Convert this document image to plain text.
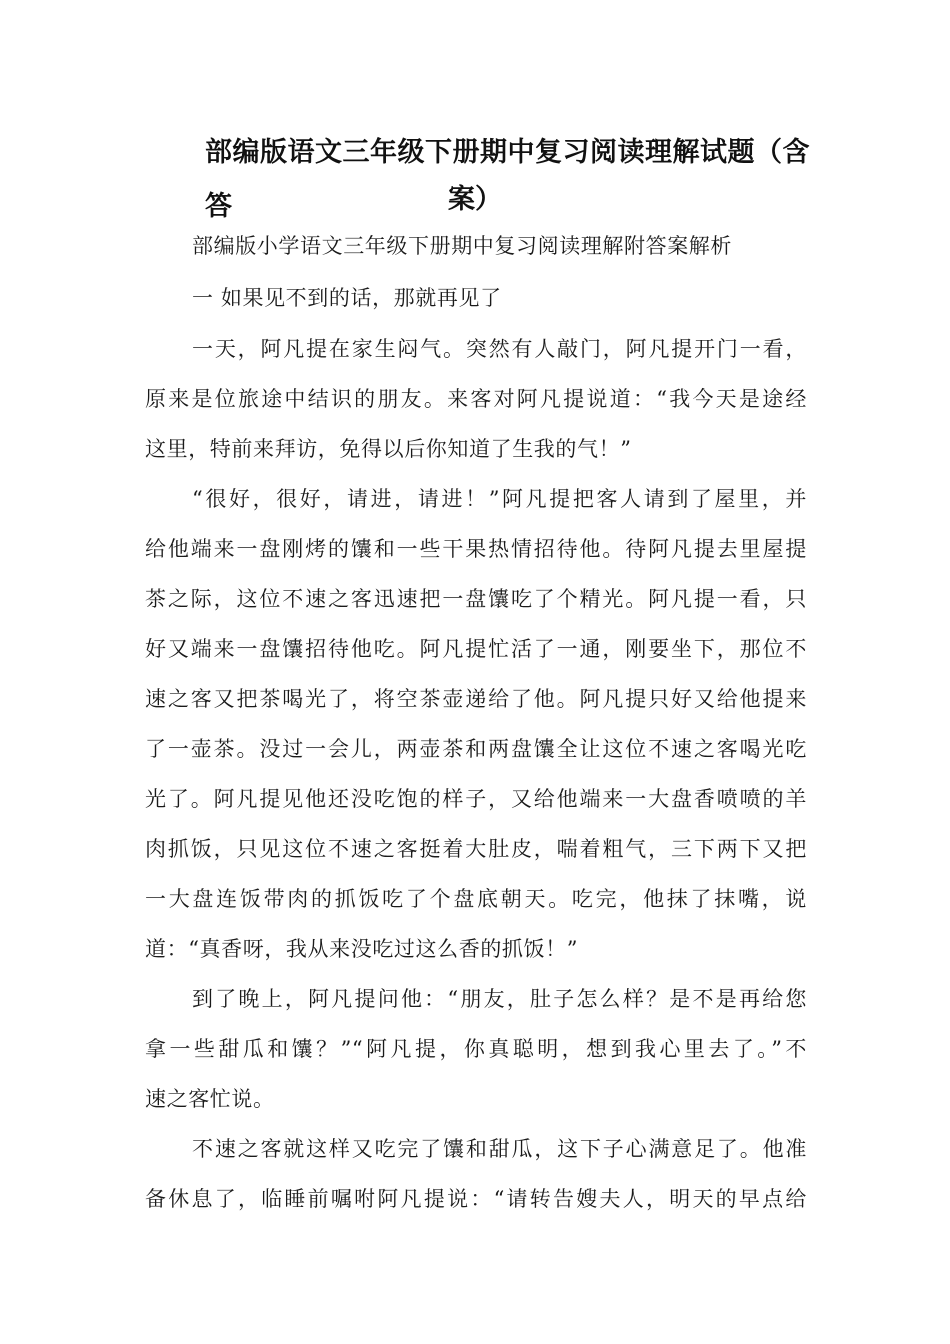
部编版语文三年级下册期中复习阅读理解试题（含答	案）
部编版小学语文三年级下册期中复习阅读理解附答案解析
一 如果见不到的话，那就再见了
一天，阿凡提在家生闷气。突然有人敲门，阿凡提开门一看，
原来是位旅途中结识的朋友。来客对阿凡提说道：“我今天是途经
这里，特前来拜访，免得以后你知道了生我的气！”
“很好，很好，请进，请进！”阿凡提把客人请到了屋里，并
给他端来一盘刚烤的馕和一些干果热情招待他。待阿凡提去里屋提
茶之际，这位不速之客迅速把一盘馕吃了个精光。阿凡提一看，只
好又端来一盘馕招待他吃。阿凡提忙活了一通，刚要坐下，那位不
速之客又把茶喝光了，将空茶壶递给了他。阿凡提只好又给他提来
了一壶茶。没过一会儿，两壶茶和两盘馕全让这位不速之客喝光吃
光了。阿凡提见他还没吃饱的样子，又给他端来一大盘香喷喷的羊
肉抓饭，只见这位不速之客挺着大肚皮，喘着粗气，三下两下又把
一大盘连饭带肉的抓饭吃了个盘底朝天。吃完，他抹了抹嘴，说
道：“真香呀，我从来没吃过这么香的抓饭！”
到了晚上，阿凡提问他：“朋友，肚子怎么样？是不是再给您
拿一些甜瓜和馕？”“阿凡提，你真聪明，想到我心里去了。”不
速之客忙说。
不速之客就这样又吃完了馕和甜瓜，这下子心满意足了。他准
备休息了，临睡前嘱咐阿凡提说：“请转告嫂夫人，明天的早点给
